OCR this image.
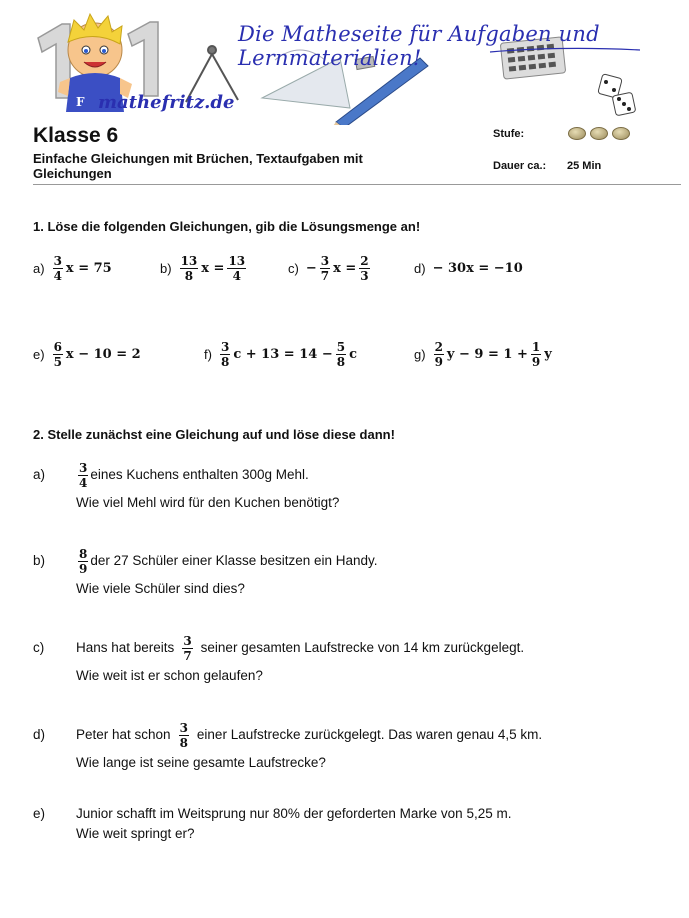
F
Die Matheseite für Aufgaben und Lernmaterialien!
mathefritz.de
Klasse 6
Einfache Gleichungen mit Brüchen, Textaufgaben mit Gleichungen
Stufe:
Dauer ca.: 25 Min
1. Löse die folgenden Gleichungen, gib die Lösungsmenge an!
$a) \frac{3}{4}$ x = 75	$b) \frac{13}{8}$ $x = \frac{13}{4}$	$c) - \frac{3}{7}$ $x = \frac{2}{3}$	d) − 30x = −10
$e) \frac{6}{5}$ x − 10 = 2	$f) \frac{3}{8}$ $c + 13 = 14 - \frac{5}{8}$ c	$g) \frac{2}{9}$ $y - 9 = 1 + \frac{1}{9}$ y
2. Stelle zunächst eine Gleichung auf und löse diese dann!
a)	$\frac{3}{4}$ eines Kuchens enthalten 300g Mehl.
Wie viel Mehl wird für den Kuchen benötigt?
b)	$\frac{8}{9}$ der 27 Schüler einer Klasse besitzen ein Handy.
Wie viele Schüler sind dies?
c) Hans hat bereits $\frac{3}{7}$ seiner gesamten Laufstrecke von 14 km zurückgelegt.
Wie weit ist er schon gelaufen?
d) Peter hat schon $\frac{3}{8}$ einer Laufstrecke zurückgelegt. Das waren genau 4,5 km.
Wie lange ist seine gesamte Laufstrecke?
e) Junior schafft im Weitsprung nur 80% der geforderten Marke von 5,25 m.
Wie weit springt er?
